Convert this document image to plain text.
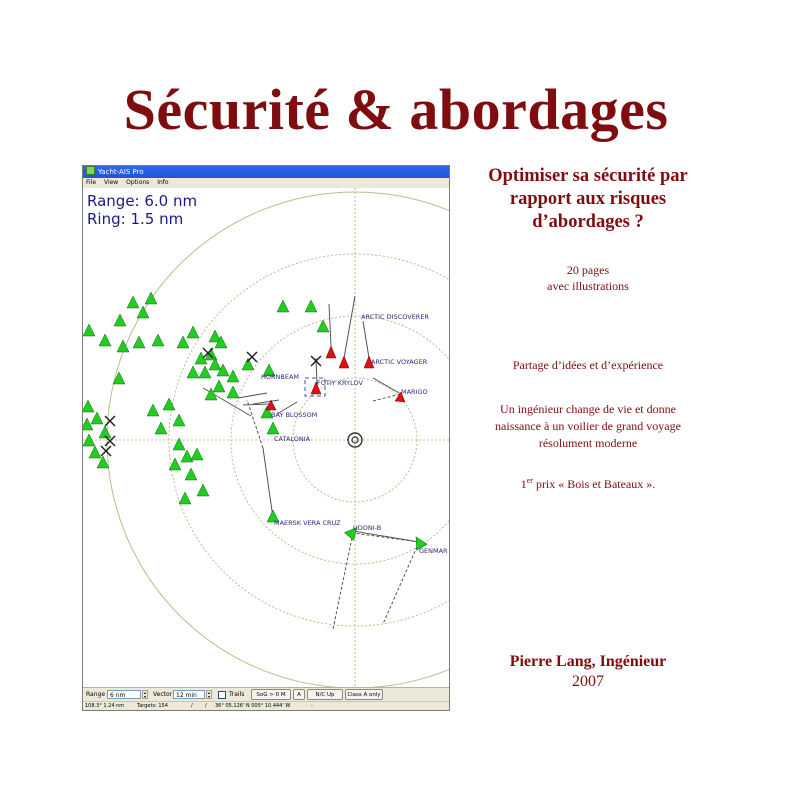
Sécurité & abordages
Yacht-AIS Pro
File View Options Info
ARCTIC DISCOVERER
ARCTIC VOYAGER
MARIGO
HORNBEAM
FOTIY KRYLOV
BAY BLOSSOM
CATALONIA
MAERSK VERA CRUZ
UDONI-B
GENMAR
Range: 6.0 nm
Ring: 1.5 nm
Range 6 nm	▴
▾	Vector 12 min	▴
▾	Trails	SoG > 0 M	A	N/C Up	Class A only
108.3° 1.24 nm	Targets: 154	/ / 36° 05.126' N 005° 10.444' W	-
Optimiser sa sécurité par
rapport aux risques
d’abordages ?
20 pages
avec illustrations
Partage d’idées et d’expérience
Un ingénieur change de vie et donne
naissance à un voilier de grand voyage
résolument moderne
1er prix « Bois et Bateaux ».
Pierre Lang, Ingénieur
2007
